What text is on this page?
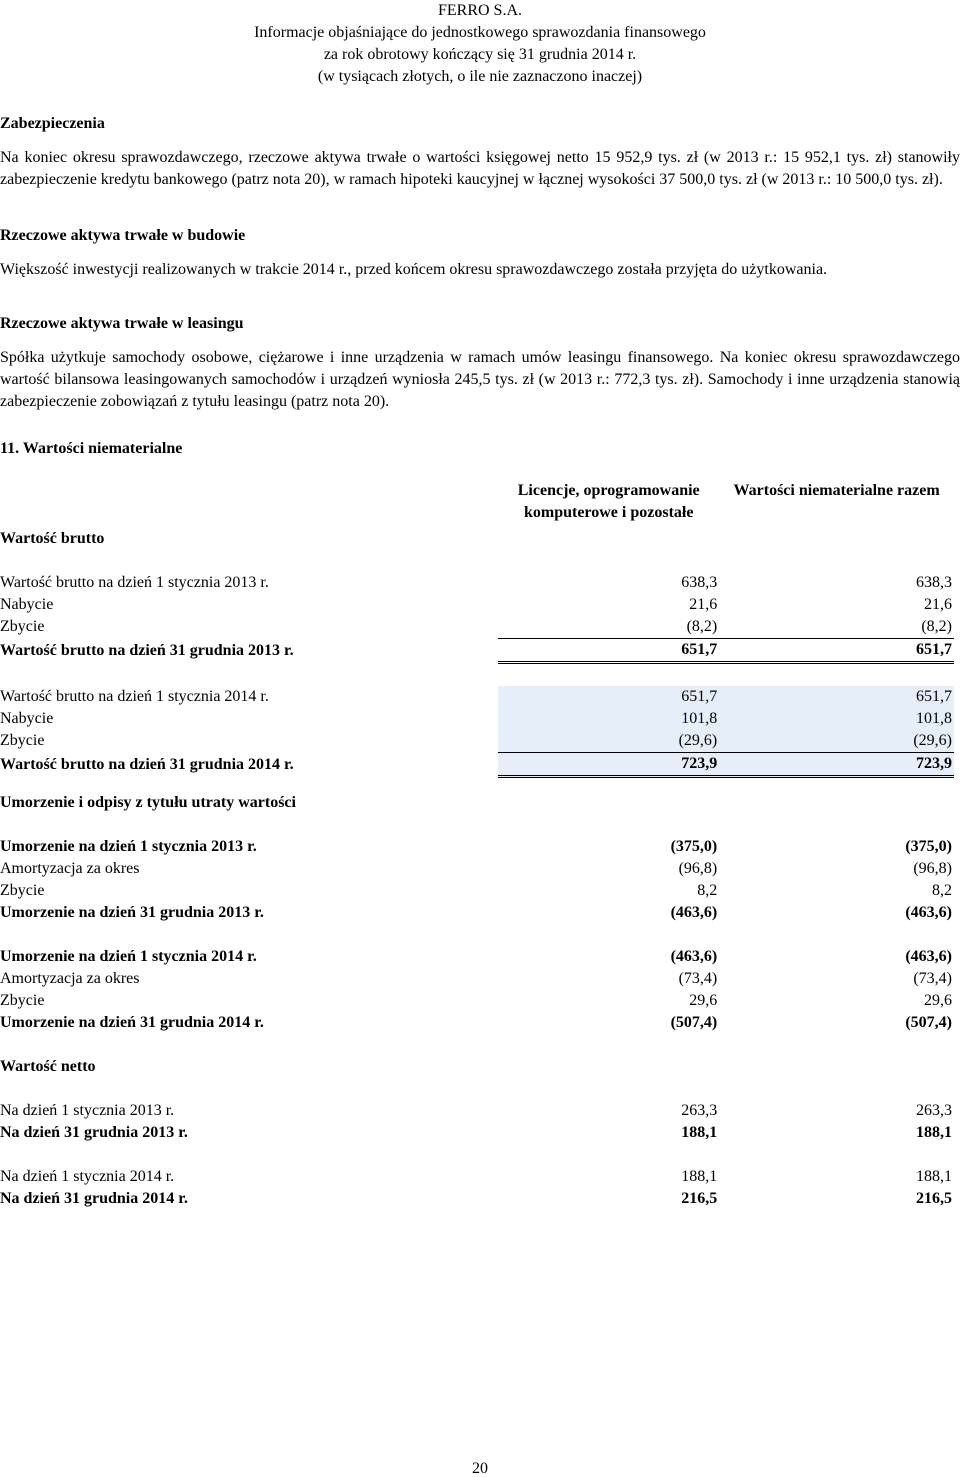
FERRO S.A.
Informacje objaśniające do jednostkowego sprawozdania finansowego
za rok obrotowy kończący się 31 grudnia 2014 r.
(w tysiącach złotych, o ile nie zaznaczono inaczej)
Zabezpieczenia
Na koniec okresu sprawozdawczego, rzeczowe aktywa trwałe o wartości księgowej netto 15 952,9 tys. zł (w 2013 r.: 15 952,1 tys. zł) stanowiły zabezpieczenie kredytu bankowego (patrz nota 20), w ramach hipoteki kaucyjnej w łącznej wysokości 37 500,0 tys. zł (w 2013 r.: 10 500,0 tys. zł).
Rzeczowe aktywa trwałe w budowie
Większość inwestycji realizowanych w trakcie 2014 r., przed końcem okresu sprawozdawczego została przyjęta do użytkowania.
Rzeczowe aktywa trwałe w leasingu
Spółka użytkuje samochody osobowe, ciężarowe i inne urządzenia w ramach umów leasingu finansowego. Na koniec okresu sprawozdawczego wartość bilansowa leasingowanych samochodów i urządzeń wyniosła 245,5 tys. zł (w 2013 r.: 772,3 tys. zł). Samochody i inne urządzenia stanowią zabezpieczenie zobowiązań z tytułu leasingu (patrz nota 20).
11. Wartości niematerialne
Wartość brutto	Licencje, oprogramowanie komputerowe i pozostałe	Wartości niematerialne razem

Wartość brutto na dzień 1 stycznia 2013 r.	638,3	638,3
Nabycie	21,6	21,6
Zbycie	(8,2)	(8,2)
Wartość brutto na dzień 31 grudnia 2013 r.	651,7	651,7

Wartość brutto na dzień 1 stycznia 2014 r.	651,7	651,7
Nabycie	101,8	101,8
Zbycie	(29,6)	(29,6)
Wartość brutto na dzień 31 grudnia 2014 r.	723,9	723,9

Umorzenie i odpisy z tytułu utraty wartości		

Umorzenie na dzień 1 stycznia 2013 r.	(375,0)	(375,0)
Amortyzacja za okres	(96,8)	(96,8)
Zbycie	8,2	8,2
Umorzenie na dzień 31 grudnia 2013 r.	(463,6)	(463,6)

Umorzenie na dzień 1 stycznia 2014 r.	(463,6)	(463,6)
Amortyzacja za okres	(73,4)	(73,4)
Zbycie	29,6	29,6
Umorzenie na dzień 31 grudnia 2014 r.	(507,4)	(507,4)

Wartość netto		

Na dzień 1 stycznia 2013 r.	263,3	263,3
Na dzień 31 grudnia 2013 r.	188,1	188,1

Na dzień 1 stycznia 2014 r.	188,1	188,1
Na dzień 31 grudnia 2014 r.	216,5	216,5
20
